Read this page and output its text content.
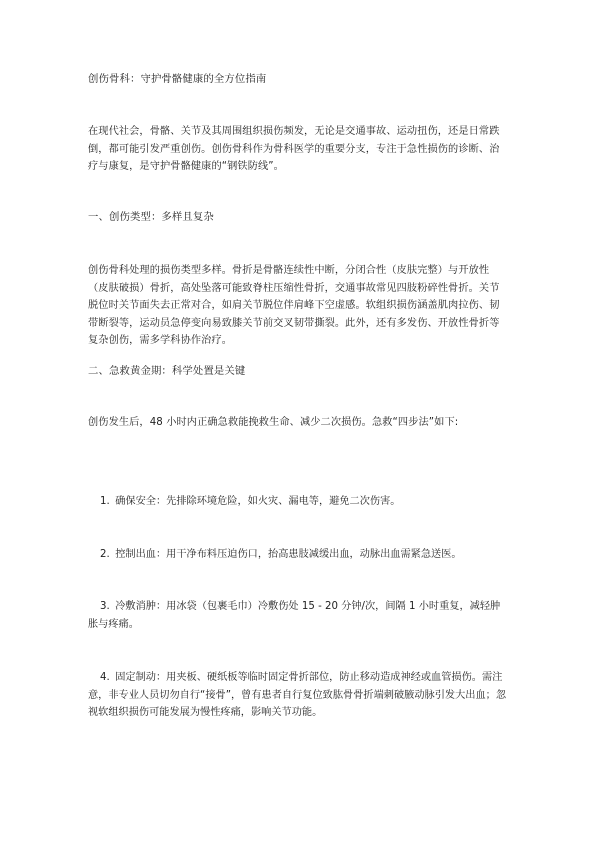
创伤骨科：守护骨骼健康的全方位指南
在现代社会，骨骼、关节及其周围组织损伤频发，无论是交通事故、运动扭伤，还是日常跌倒，都可能引发严重创伤。创伤骨科作为骨科医学的重要分支，专注于急性损伤的诊断、治疗与康复，是守护骨骼健康的“钢铁防线”。
一、创伤类型：多样且复杂
创伤骨科处理的损伤类型多样。骨折是骨骼连续性中断，分闭合性（皮肤完整）与开放性（皮肤破损）骨折，高处坠落可能致脊柱压缩性骨折，交通事故常见四肢粉碎性骨折。关节脱位时关节面失去正常对合，如肩关节脱位伴肩峰下空虚感。软组织损伤涵盖肌肉拉伤、韧带断裂等，运动员急停变向易致膝关节前交叉韧带撕裂。此外，还有多发伤、开放性骨折等复杂创伤，需多学科协作治疗。
二、急救黄金期：科学处置是关键
创伤发生后，48 小时内正确急救能挽救生命、减少二次损伤。急救“四步法”如下:
1. 确保安全：先排除环境危险，如火灾、漏电等，避免二次伤害。
2. 控制出血：用干净布料压迫伤口，抬高患肢减缓出血，动脉出血需紧急送医。
3. 冷敷消肿：用冰袋（包裹毛巾）冷敷伤处 15 - 20 分钟/次，间隔 1 小时重复，减轻肿胀与疼痛。
4. 固定制动：用夹板、硬纸板等临时固定骨折部位，防止移动造成神经或血管损伤。需注意，非专业人员切勿自行“接骨”，曾有患者自行复位致肱骨骨折端刺破腋动脉引发大出血；忽视软组织损伤可能发展为慢性疼痛，影响关节功能。
